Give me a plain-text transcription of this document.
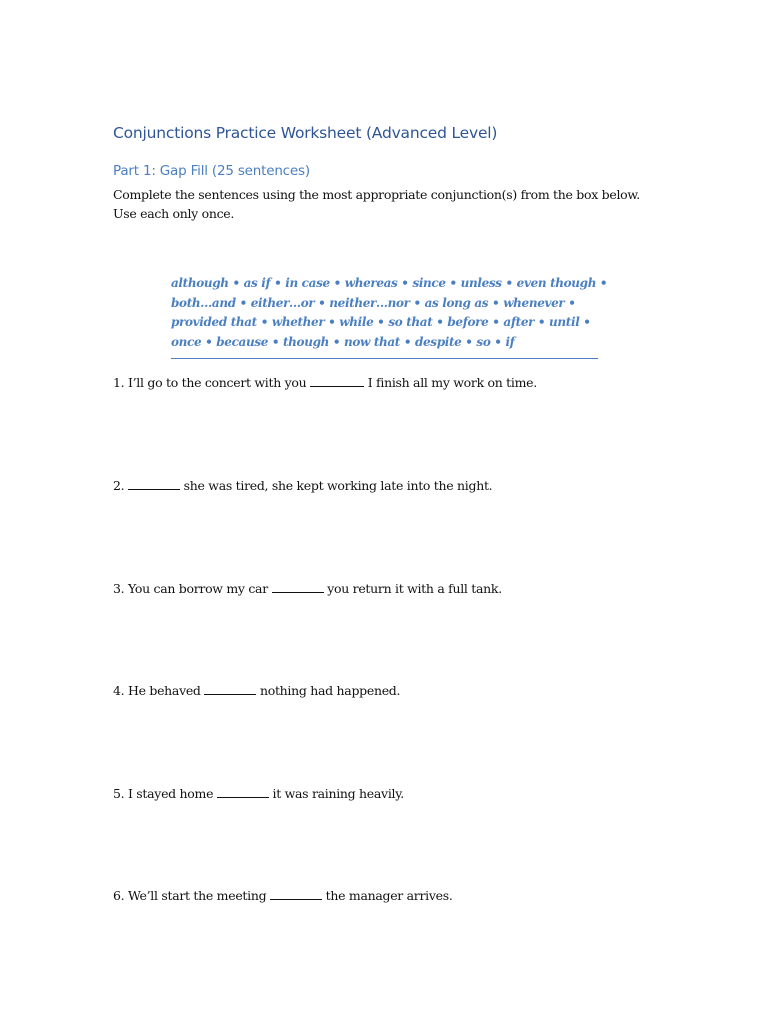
Conjunctions Practice Worksheet (Advanced Level)
Part 1: Gap Fill (25 sentences)

Complete the sentences using the most appropriate conjunction(s) from the box below. Use each only once.

although • as if • in case • whereas • since • unless • even though •

both…and • either…or • neither…nor • as long as • whenever •

provided that • whether • while • so that • before • after • until •

once • because • though • now that • despite • so • if

1. I’ll go to the concert with you	I finish all my work on time.

2.	she was tired, she kept working late into the night.

3. You can borrow my car	you return it with a full tank.

4. He behaved	nothing had happened.

5. I stayed home	it was raining heavily.

6. We’ll start the meeting	the manager arrives.
